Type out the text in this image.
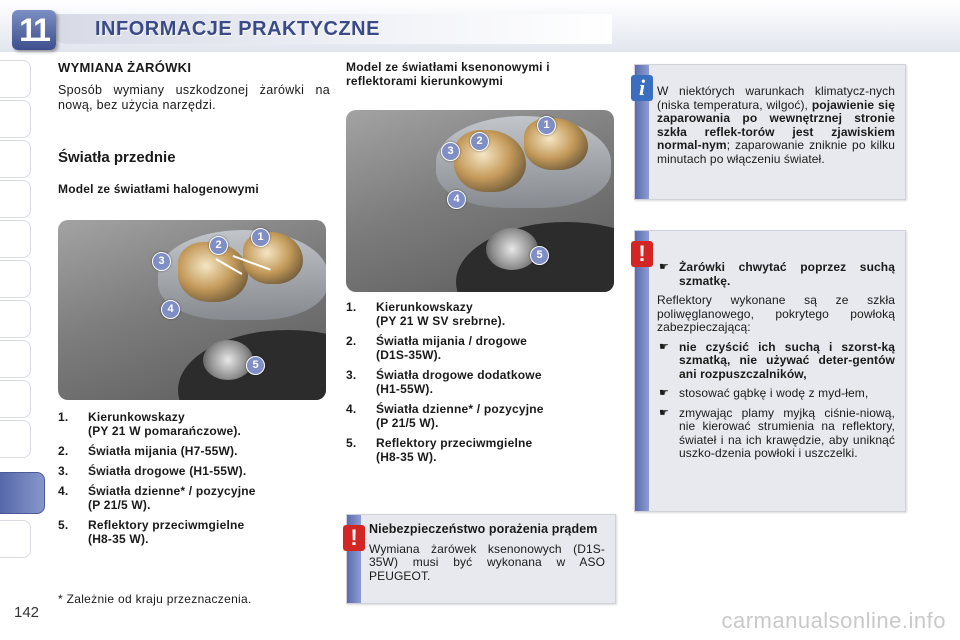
11	INFORMACJE PRAKTYCZNE
142
WYMIANA ŻARÓWKI

Sposób wymiany uszkodzonej żarówki na nową, bez użycia narzędzi.

Światła przednie
Model ze światłami halogenowymi
1
2
3
4
5
1. Kierunkowskazy
(PY 21 W pomarańczowe).
2. Światła mijania (H7-55W).
3. Światła drogowe (H1-55W).
4. Światła dzienne* / pozycyjne
(P 21/5 W).
5. Reflektory przeciwmgielne
(H8-35 W).
* Zależnie od kraju przeznaczenia.
Model ze światłami ksenonowymi i reflektorami kierunkowymi
1
2
3
4
5
1. Kierunkowskazy
(PY 21 W SV srebrne).
2. Światła mijania / drogowe
(D1S-35W).
3. Światła drogowe dodatkowe
(H1-55W).
4. Światła dzienne* / pozycyjne
(P 21/5 W).
5. Reflektory przeciwmgielne
(H8-35 W).
! Niebezpieczeństwo porażenia prądem

Wymiana żarówek ksenonowych (D1S-35W) musi być wykonana w ASO PEUGEOT.

i W niektórych warunkach klimatycz-nych (niska temperatura, wilgoć), pojawienie się zaparowania po wewnętrznej stronie szkła reflek-torów jest zjawiskiem normal-nym; zaparowanie zniknie po kilku minutach po włączeniu świateł.

!

☛ Żarówki chwytać poprzez suchą szmatkę.

Reflektory wykonane są ze szkła poliwęglanowego, pokrytego powłoką zabezpieczającą:

☛ nie czyścić ich suchą i szorst-ką szmatką, nie używać deter-gentów ani rozpuszczalników,

☛ stosować gąbkę i wodę z myd-łem,

☛ zmywając plamy myjką ciśnie-niową, nie kierować strumienia na reflektory, świateł i na ich krawędzie, aby uniknąć uszko-dzenia powłoki i uszczelki.

carmanualsonline.info
